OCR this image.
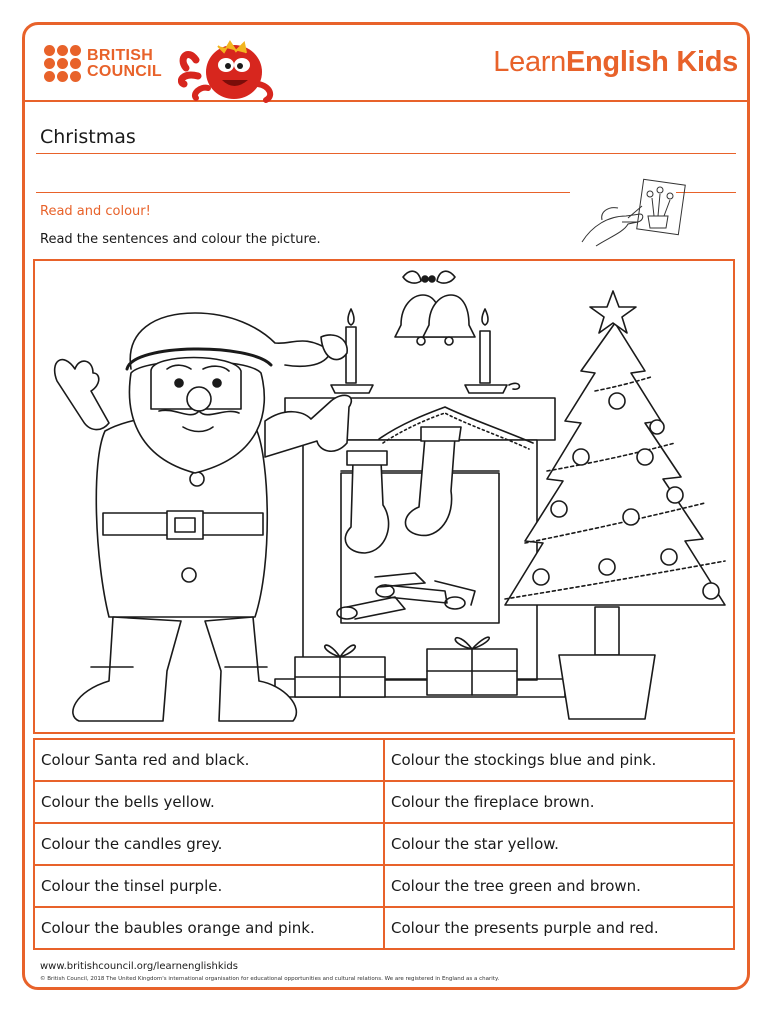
BRITISH
COUNCIL	LearnEnglish Kids
Christmas
Read and colour!
Read the sentences and colour the picture.
Colour Santa red and black.	Colour the stockings blue and pink.
Colour the bells yellow.	Colour the fireplace brown.
Colour the candles grey.	Colour the star yellow.
Colour the tinsel purple.	Colour the tree green and brown.
Colour the baubles orange and pink.	Colour the presents purple and red.
www.britishcouncil.org/learnenglishkids
© British Council, 2018 The United Kingdom's international organisation for educational opportunities and cultural relations. We are registered in England as a charity.
